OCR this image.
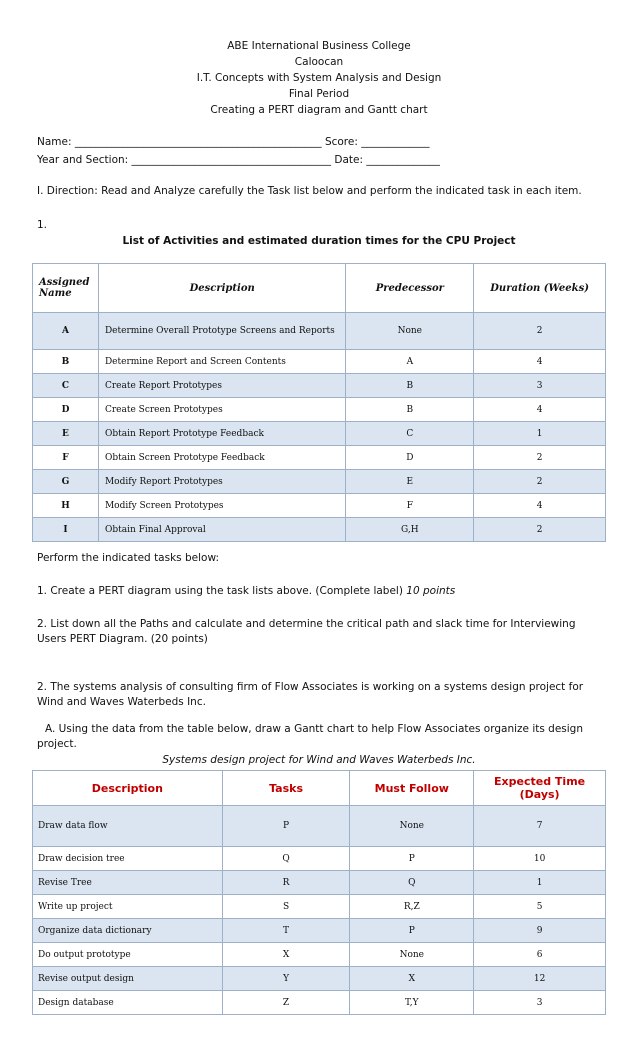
ABE International Business College
Caloocan
I.T. Concepts with System Analysis and Design
Final Period
Creating a PERT diagram and Gantt chart
Name: _______________________________________________ Score: _____________
Year and Section: ______________________________________ Date: ______________
I. Direction: Read and Analyze carefully the Task list below and perform the indicated task in each item.
1.
List of Activities and estimated duration times for the CPU Project
Assigned Name	Description	Predecessor	Duration (Weeks)
A	Determine Overall Prototype Screens and Reports	None	2
B	Determine Report and Screen Contents	A	4
C	Create Report Prototypes	B	3
D	Create Screen Prototypes	B	4
E	Obtain Report Prototype Feedback	C	1
F	Obtain Screen Prototype Feedback	D	2
G	Modify Report Prototypes	E	2
H	Modify Screen Prototypes	F	4
I	Obtain Final Approval	G,H	2
Perform the indicated tasks below:
1. Create a PERT diagram using the task lists above. (Complete label) 10 points
2. List down all the Paths and calculate and determine the critical path and slack time for Interviewing Users PERT Diagram. (20 points)
2. The systems analysis of consulting firm of Flow Associates is working on a systems design project for Wind and Waves Waterbeds Inc.
A. Using the data from the table below, draw a Gantt chart to help Flow Associates organize its design project.
Systems design project for Wind and Waves Waterbeds Inc.
Description	Tasks	Must Follow	Expected Time (Days)
Draw data flow	P	None	7
Draw decision tree	Q	P	10
Revise Tree	R	Q	1
Write up project	S	R,Z	5
Organize data dictionary	T	P	9
Do output prototype	X	None	6
Revise output design	Y	X	12
Design database	Z	T,Y	3
